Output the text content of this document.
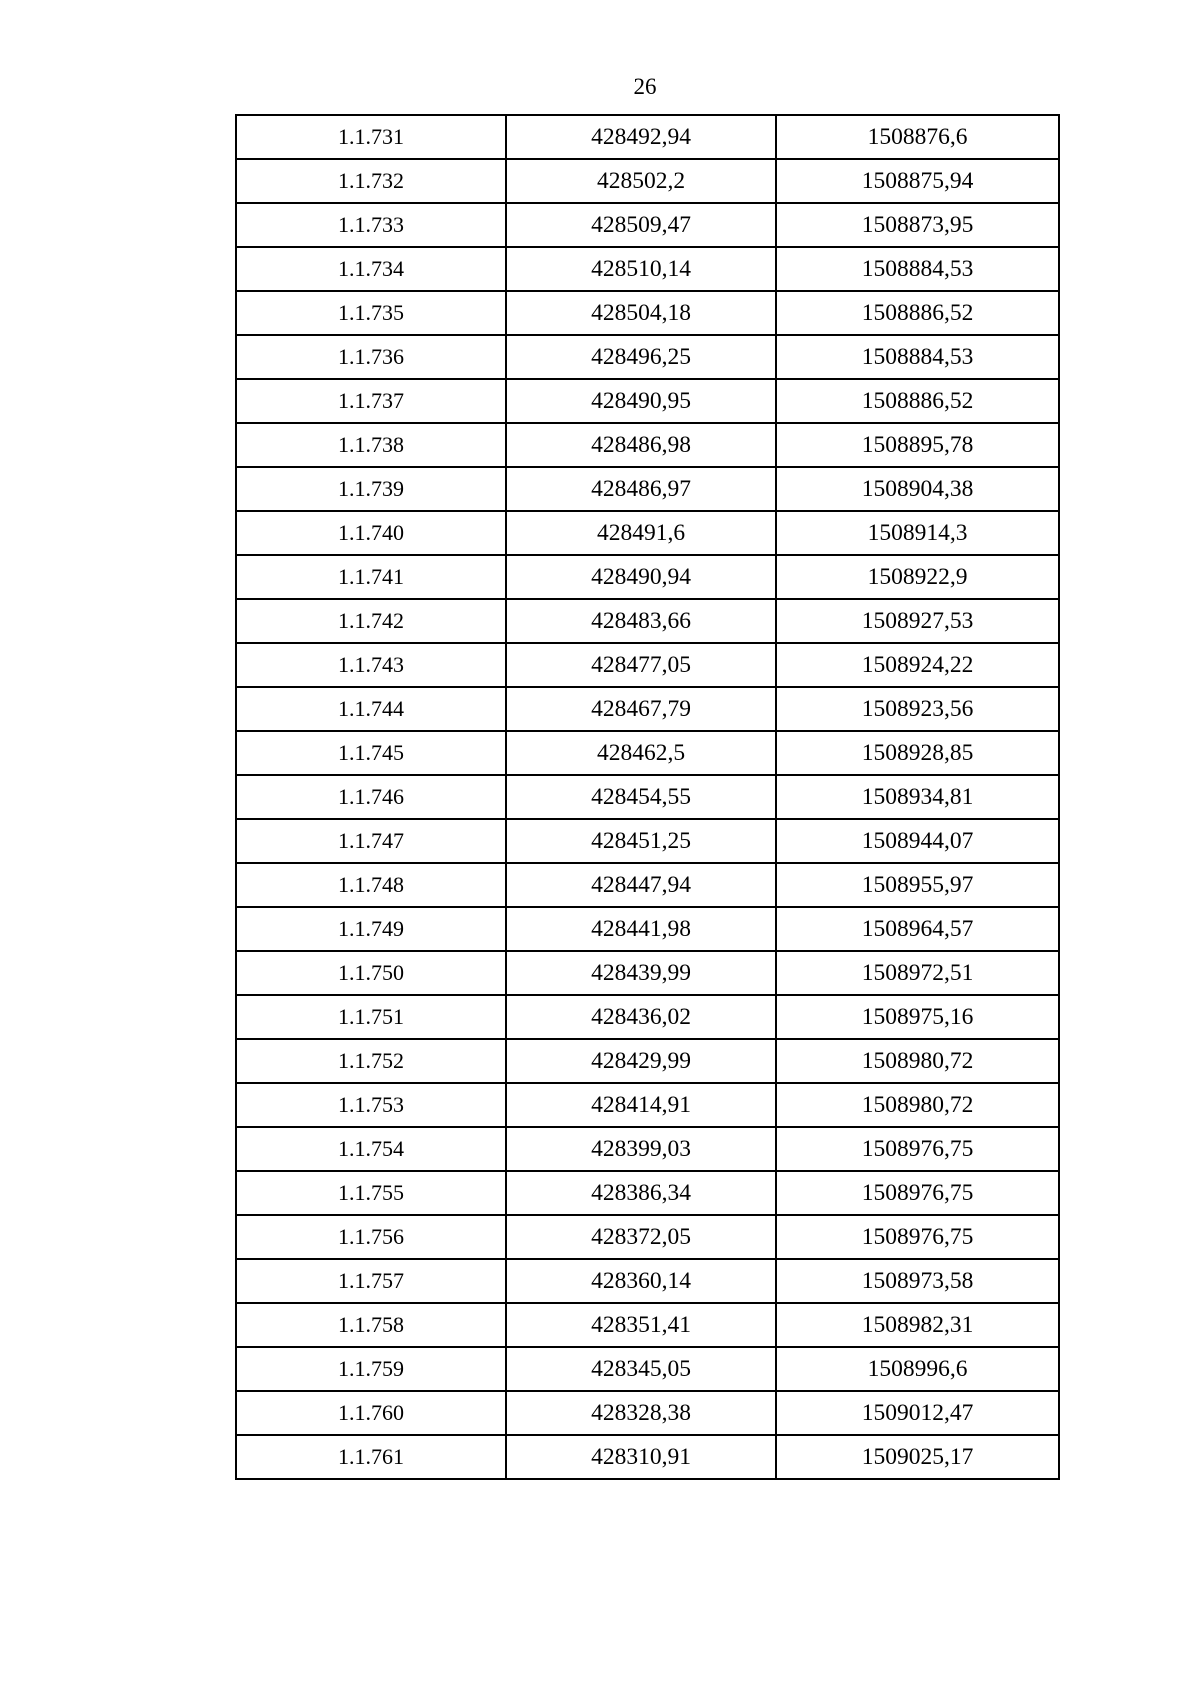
26
1.1.731	428492,94	1508876,6
1.1.732	428502,2	1508875,94
1.1.733	428509,47	1508873,95
1.1.734	428510,14	1508884,53
1.1.735	428504,18	1508886,52
1.1.736	428496,25	1508884,53
1.1.737	428490,95	1508886,52
1.1.738	428486,98	1508895,78
1.1.739	428486,97	1508904,38
1.1.740	428491,6	1508914,3
1.1.741	428490,94	1508922,9
1.1.742	428483,66	1508927,53
1.1.743	428477,05	1508924,22
1.1.744	428467,79	1508923,56
1.1.745	428462,5	1508928,85
1.1.746	428454,55	1508934,81
1.1.747	428451,25	1508944,07
1.1.748	428447,94	1508955,97
1.1.749	428441,98	1508964,57
1.1.750	428439,99	1508972,51
1.1.751	428436,02	1508975,16
1.1.752	428429,99	1508980,72
1.1.753	428414,91	1508980,72
1.1.754	428399,03	1508976,75
1.1.755	428386,34	1508976,75
1.1.756	428372,05	1508976,75
1.1.757	428360,14	1508973,58
1.1.758	428351,41	1508982,31
1.1.759	428345,05	1508996,6
1.1.760	428328,38	1509012,47
1.1.761	428310,91	1509025,17
